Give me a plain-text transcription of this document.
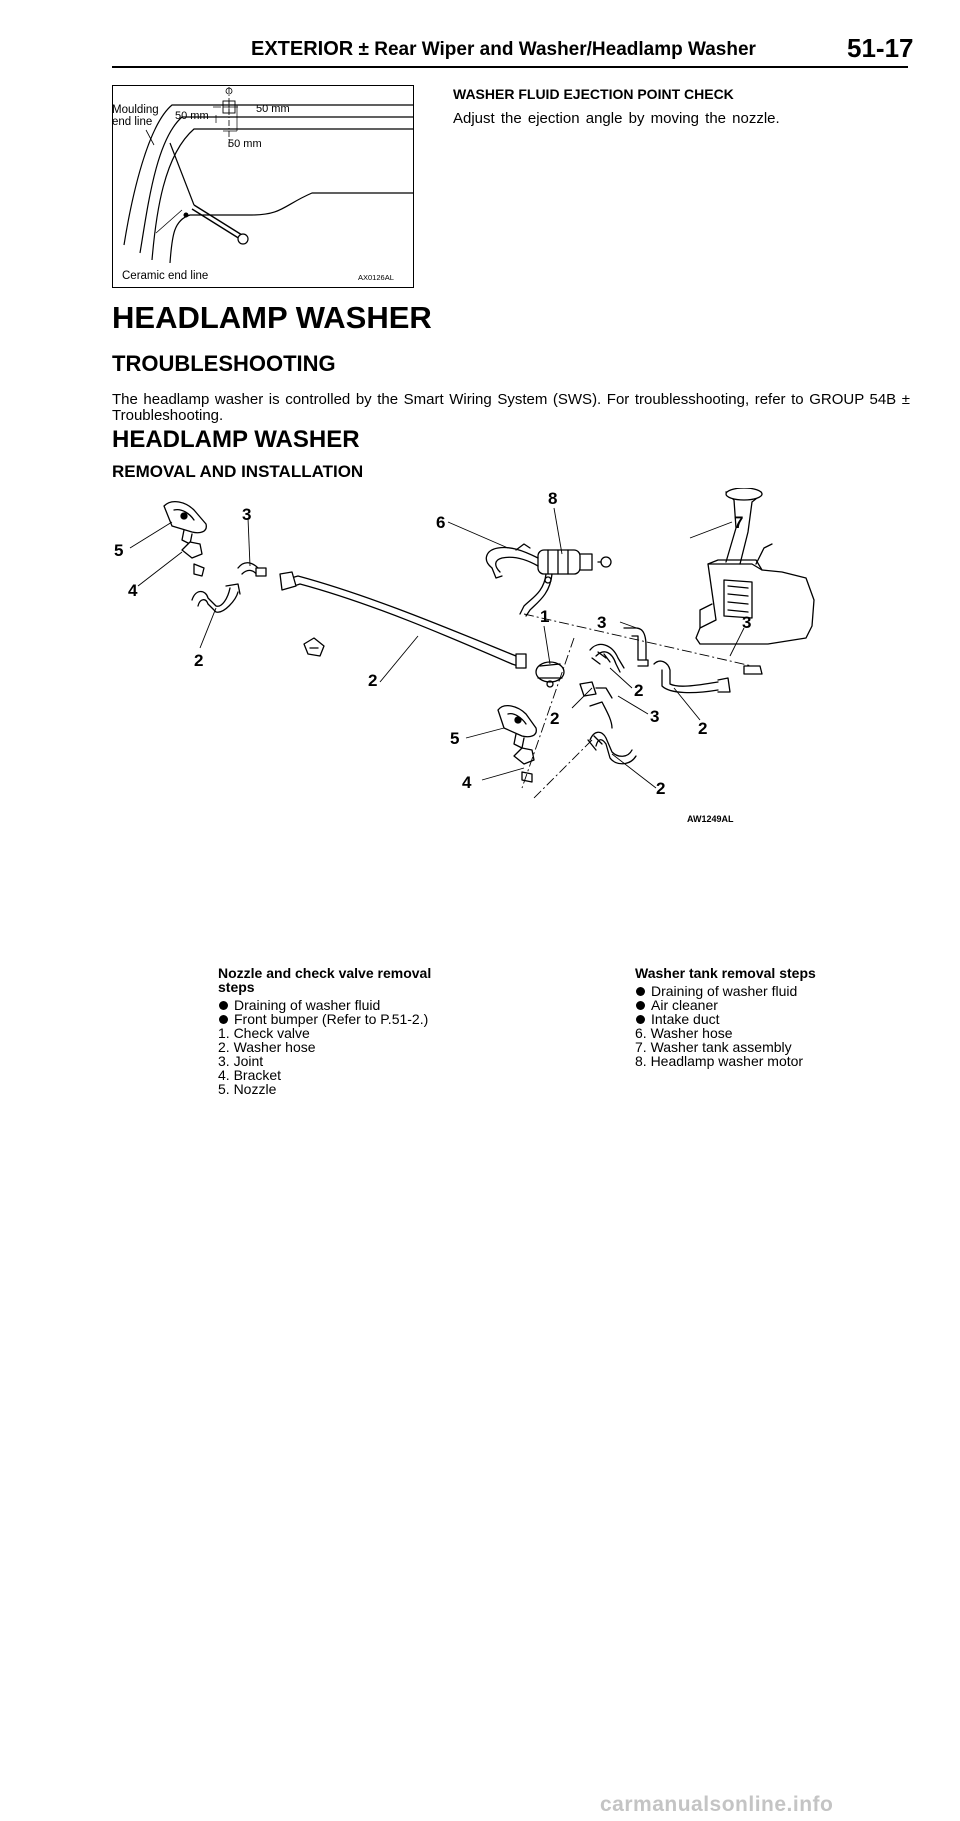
EXTERIOR ± Rear Wiper and Washer/Headlamp Washer	51-17
Moulding
end line 50 mm
50 mm
50 mm
Ceramic end line	AX0126AL
WASHER FLUID EJECTION POINT CHECK
Adjust the ejection angle by moving the nozzle.
HEADLAMP WASHER
TROUBLESHOOTING
The headlamp washer is controlled by the Smart Wiring System (SWS). For troublesshooting, refer to GROUP 54B ± Troubleshooting.
HEADLAMP WASHER
REMOVAL AND INSTALLATION
5
3
4
2
2
6
8
7
1	3	3
2
3
2
5
2
4	2
AW1249AL
Nozzle and check valve removal
steps
Draining of washer fluid
Front bumper (Refer to P.51-2.)
1. Check valve
2. Washer hose
3. Joint
4. Bracket
5. Nozzle
Washer tank removal steps
Draining of washer fluid
Air cleaner
Intake duct
6. Washer hose
7. Washer tank assembly
8. Headlamp washer motor
carmanualsonline.info
